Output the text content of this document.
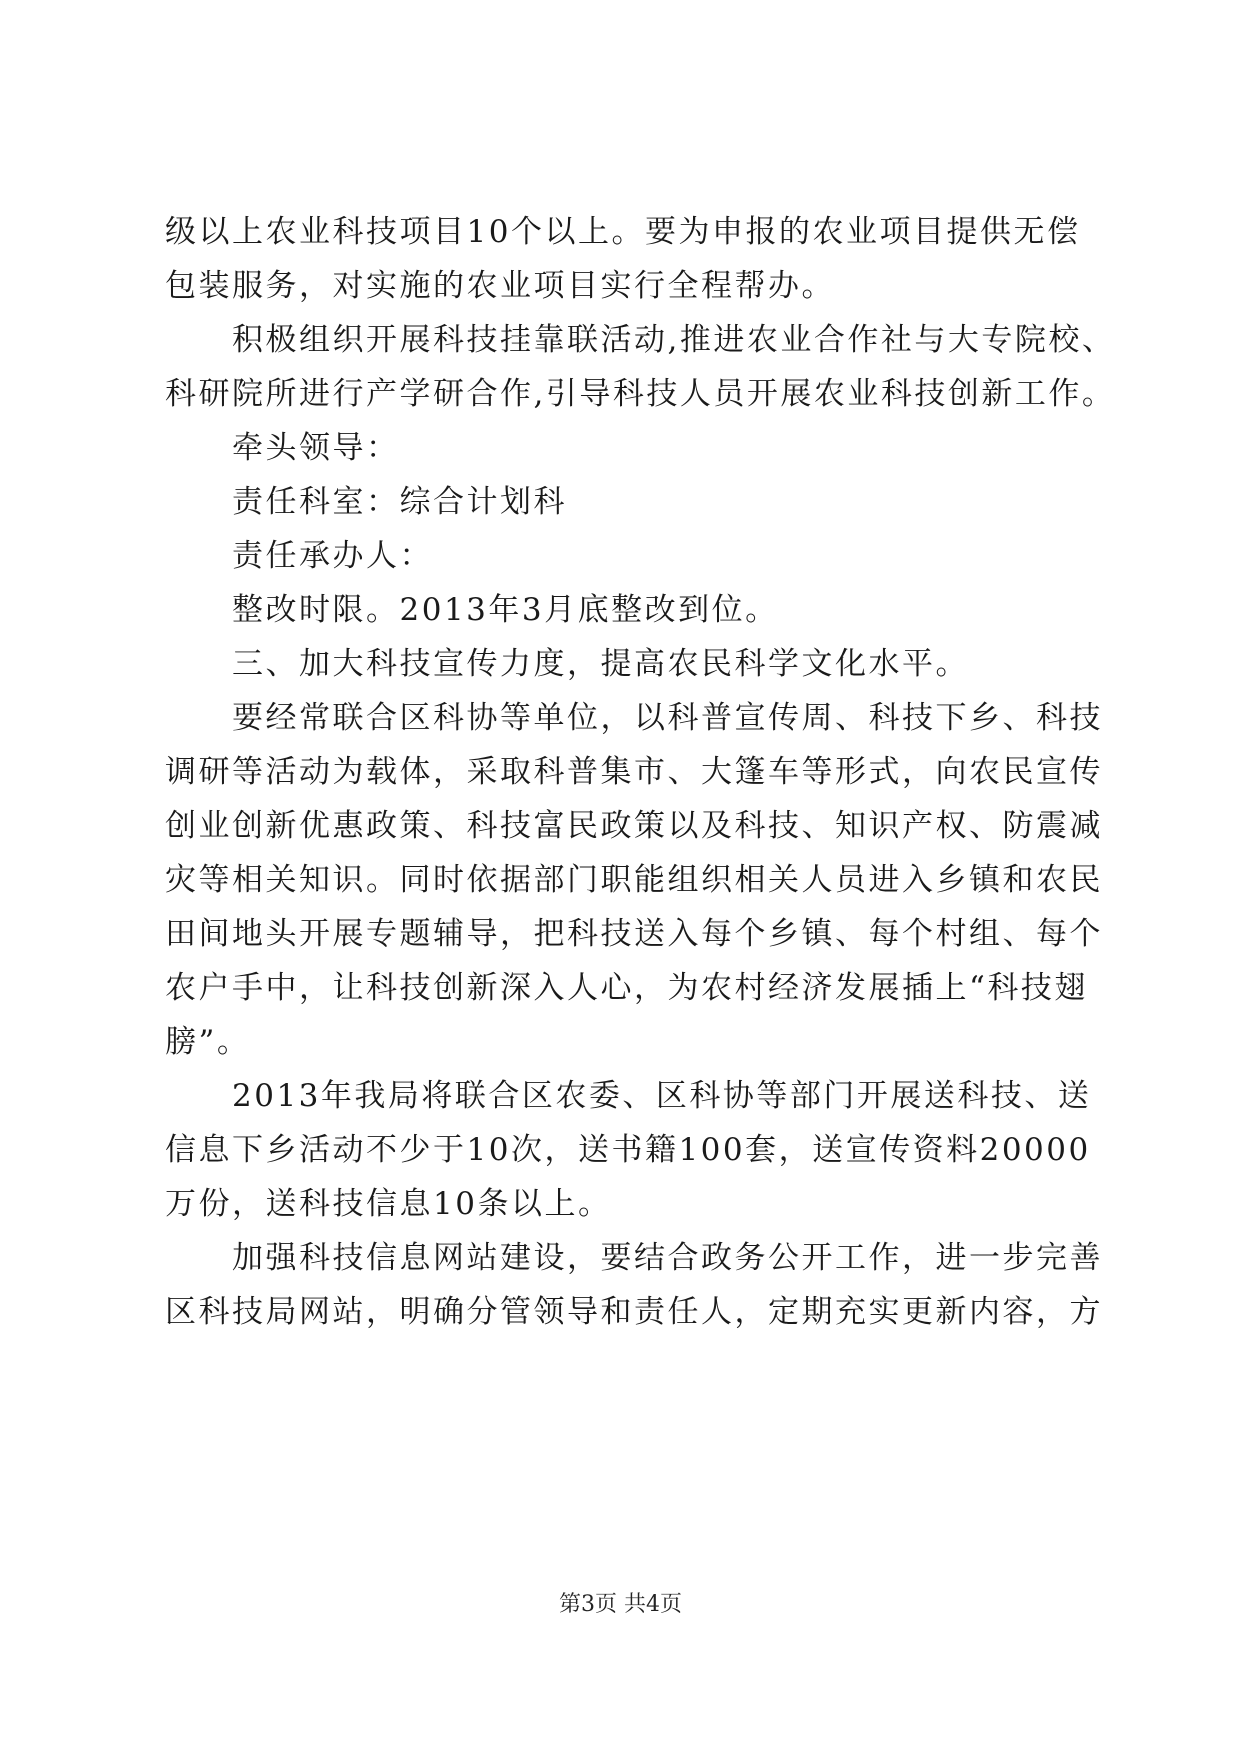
级以上农业科技项目10个以上。要为申报的农业项目提供无偿
包装服务，对实施的农业项目实行全程帮办。
积极组织开展科技挂靠联活动,推进农业合作社与大专院校、
科研院所进行产学研合作,引导科技人员开展农业科技创新工作。
牵头领导：
责任科室：综合计划科
责任承办人：
整改时限。2013年3月底整改到位。
三、加大科技宣传力度，提高农民科学文化水平。
要经常联合区科协等单位，以科普宣传周、科技下乡、科技
调研等活动为载体，采取科普集市、大篷车等形式，向农民宣传
创业创新优惠政策、科技富民政策以及科技、知识产权、防震减
灾等相关知识。同时依据部门职能组织相关人员进入乡镇和农民
田间地头开展专题辅导，把科技送入每个乡镇、每个村组、每个
农户手中，让科技创新深入人心，为农村经济发展插上“科技翅
膀”。
2013年我局将联合区农委、区科协等部门开展送科技、送
信息下乡活动不少于10次，送书籍100套，送宣传资料20000
万份，送科技信息10条以上。
加强科技信息网站建设，要结合政务公开工作，进一步完善
区科技局网站，明确分管领导和责任人，定期充实更新内容，方
第3页 共4页
